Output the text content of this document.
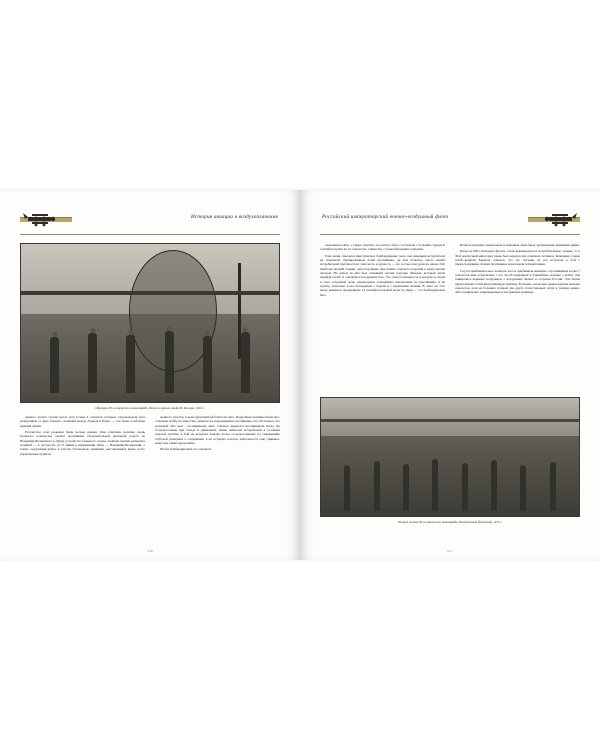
История авиации и воздухоплавания
Офицеры 30-го корпусного авиаотряда. Фото из архива графа Ф. Келлера, 1916 г.

данного полета группа могла дать только 4 самолета, которые сопровождали трех разведчиков от двух отрядов, стоявших между Луцком и Ровно, — так были ослаблены авиация армии.

Результаты этой разведки были весьма важны. Они отметили наличие очень большого количества окопов противника оборонительной железной дороге на Владимир-Волынского к Луцку, устройство большого склада, наличие свежих размытых позиций — в частности, до 8 линий в напряжении Луцк — Владимир-Волынский, а также сооружения войск, в участке батальонов, занявших, выставленных выше особо укрепленных пунктов.

женного участка, в непосредственной близости него. Подробные картины были проставлены штабу на известны, дневное же передвижение противника способствовало его дозорной, ибо враг , по-видимому, явно стараясь держался противником, когда так сосредоточение при отводе и движениях. Лишь немногие истребители в условиях поисков группы, в бой на встречах бывали более сосредоточенных по снаряжению глубокой разведкой о сохранении, в их встречах полетах деятельность еще учиняясь, известны также продолжить.

Чтобы бомбардировать его склады и

116
Российский императорский военно-воздушный флот

скопления войск, а также отметить по налету, была составлена с большим трудом 8 сентября группа из 12 самолетов, совместно с разнообразными отрядами.

Едва наши самолеты приступили к бомбардировке тыла, как немецкие истребители их атаковали. Тренированные атаки противника, да еще большое число наших истребителей противостоял смеслость и дерзость — их частые нам удалось наши сбит наиболее меткий боевик, односторонние. Два наших самолета подошли к нему против ангаров. На одном из них был отважный летчик поручик Лебедев, который затем перейдя погиб 11 сентября в воздушном бою. Эта самостоятельность в воздухе и, падая в огне островной дали, производила сильнейшее впечатление на противника, и на группу, насколько в нее попаданиях о борьбе и с неравными силами. В ответ на этот налет немецкое предприятие 13 сентября большой налет на Луцк — это бомбардировка был.

Наша воздушная специальная телефонная связь была организована движения армии.

Когда на Юго-Западном фронте стали формироваться истребительные отряды, то в 30-й корпусный авиаотряд также был передан ряд опытных летчиков. Командир отряда штабс-капитан Баранов отмечал, что его летчики не раз вступали в бой с превосходящими силами противника и выходили победителями.

Спустя приблизительно четверть часа и прибывшая авиацию с противником и едва 7 самолетов ими встречались с его 16–20 направили в ближайшее дальнее о войск. Так занимались нервных воздушных о воздушных битвах и островов России. Эти битвы представляли собой впечатляющую картину. В объеме, насколько армии жертвы нападка самолетов, шли на больших потерях две друга отечественных сетях в течение каких-либо прикрытия, поврежденные и потерянные машины.

Личный состав 30-го корпусного авиаотряда. Неизвестный фотограф, 1915 г.
117
